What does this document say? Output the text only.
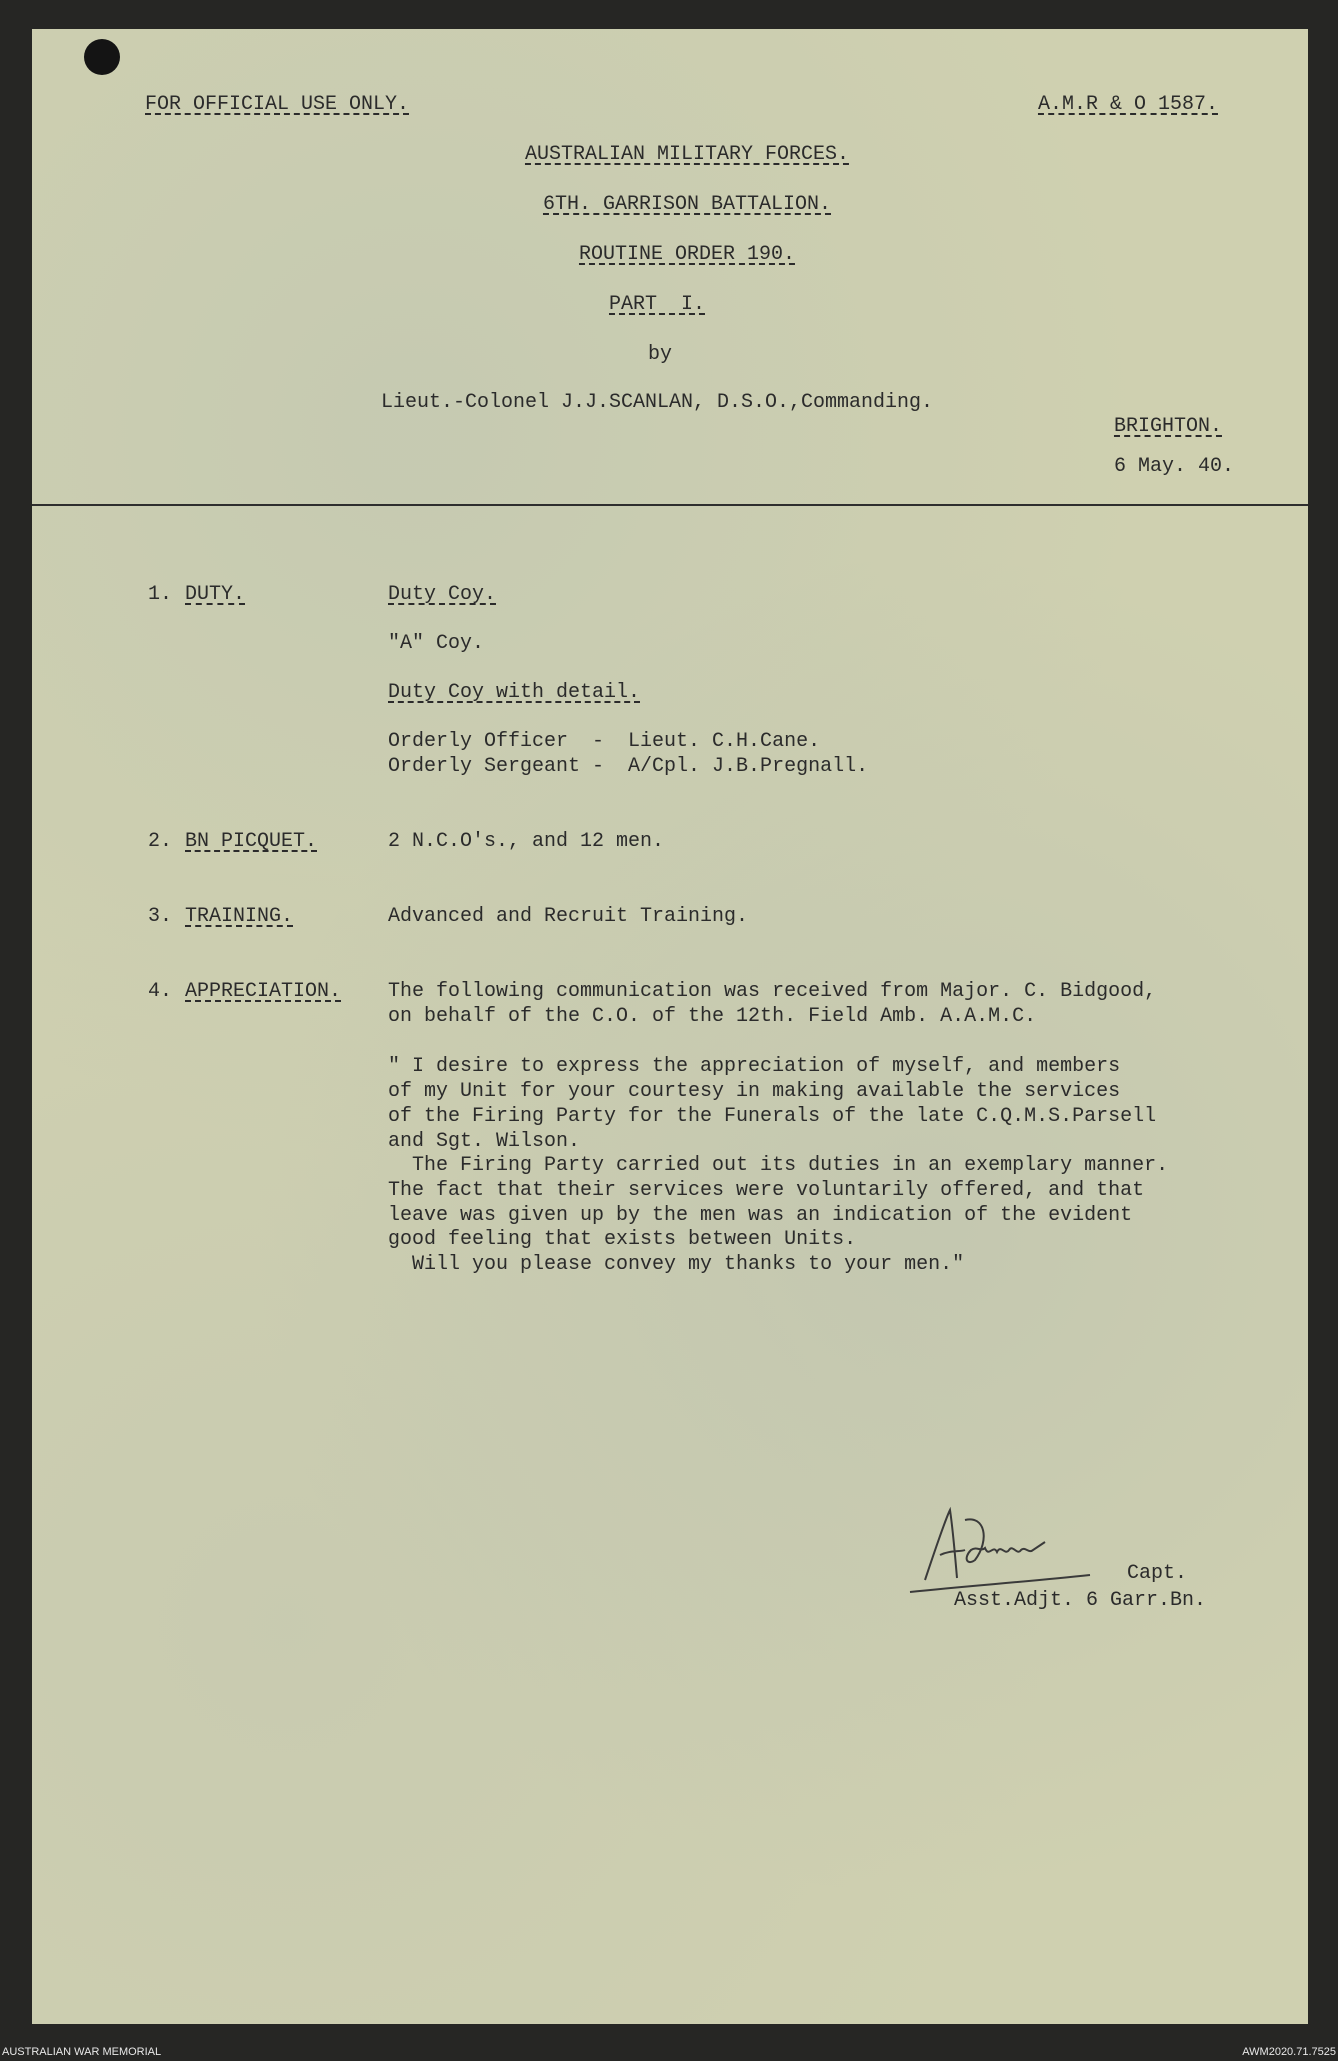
FOR OFFICIAL USE ONLY.	A.M.R & O 1587.
AUSTRALIAN MILITARY FORCES.
6TH. GARRISON BATTALION.
ROUTINE ORDER 190.
PART  I.
by
Lieut.-Colonel J.J.SCANLAN, D.S.O.,Commanding.
BRIGHTON.
6 May. 40.
1. DUTY.	Duty Coy.
"A" Coy.
Duty Coy with detail.
Orderly Officer  -  Lieut. C.H.Cane.
Orderly Sergeant -  A/Cpl. J.B.Pregnall.
2. BN PICQUET.	2 N.C.O's., and 12 men.
3. TRAINING.	Advanced and Recruit Training.
4. APPRECIATION. The following communication was received from Major. C. Bidgood,
on behalf of the C.O. of the 12th. Field Amb. A.A.M.C.
" I desire to express the appreciation of myself, and members
of my Unit for your courtesy in making available the services
of the Firing Party for the Funerals of the late C.Q.M.S.Parsell
and Sgt. Wilson.
The Firing Party carried out its duties in an exemplary manner.
The fact that their services were voluntarily offered, and that
leave was given up by the men was an indication of the evident
good feeling that exists between Units.
Will you please convey my thanks to your men."
Capt.
Asst.Adjt. 6 Garr.Bn.
AUSTRALIAN WAR MEMORIAL	AWM2020.71.7525
